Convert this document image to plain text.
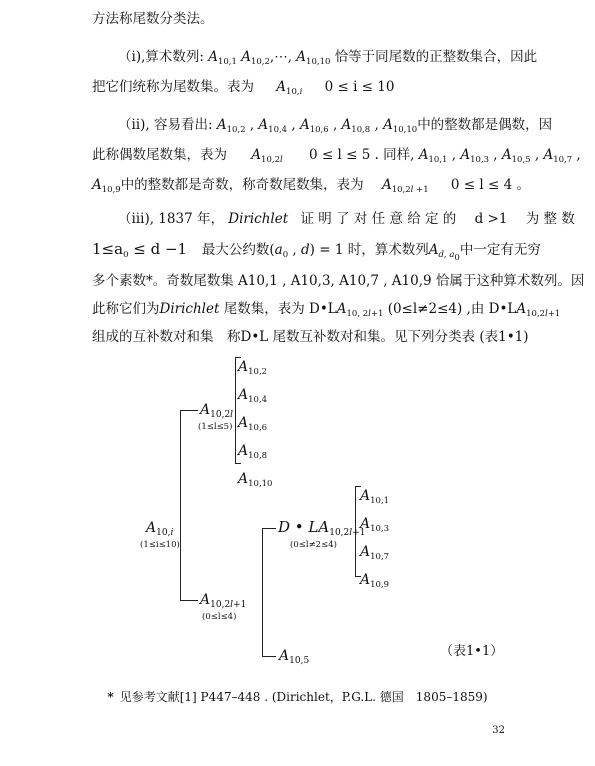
方法称尾数分类法。
（ⅰ),算术数列: $A_{10,1}$ $A_{10,2},\cdots$, $A_{10,10}$ 恰等于同尾数的正整数集合，因此
把它们统称为尾数集。表为 $A_{10,i}$ 0 ≤ i ≤ 10
（ⅱ), 容易看出: $A_{10,2}$ , $A_{10,4}$ , $A_{10,6}$ , $A_{10,8}$ , $A_{10,10}$中的整数都是偶数，因
此称偶数尾数集，表为 $A_{10,2l}$ 0 ≤ l ≤ 5 . 同样, $A_{10,1}$ , $A_{10,3}$ , $A_{10,5}$ , $A_{10,7}$ ,
$A_{10,9}$中的整数都是奇数，称奇数尾数集，表为 $A_{10,2l +1}$ 0 ≤ l ≤ 4 。
（ⅲ), 1837 年， Dirichlet 证 明 了 对 任 意 给 定 的 d >1 为 整 数
$1\le a_0 \le d -1$ 最大公约数($a_0$ , d) = 1 时，算术数列$A_{d, a_0}$中一定有无穷
多个素数*。奇数尾数集 A10,1 , A10,3, A10,7 , A10,9 恰属于这种算术数列。因
此称它们为Dirichlet 尾数集，表为 $D•LA_{10, 2l+1}$ (0≤l≠2≤4) ,由 $D•LA_{10,2l+1}$
组成的互补数对和集　称D•L 尾数互补数对和集。见下列分类表 (表1•1)
$A_{10,i}$
(1≤i≤10)
$A_{10,2l}$
(1≤l≤5)
$A_{10,2}$
$A_{10,4}$
$A_{10,6}$
$A_{10,8}$
$A_{10,10}$
$A_{10,2l+1}$
(0≤l≤4)
D • $LA_{10,2l+1}$
(0≤l≠2≤4)
$A_{10,1}$
$A_{10,3}$
$A_{10,7}$
$A_{10,9}$
$A_{10,5}$
（表1•1）
* 见参考文献[1] P447–448 . (Dirichlet，P.G.L. 德国　1805–1859)
32
